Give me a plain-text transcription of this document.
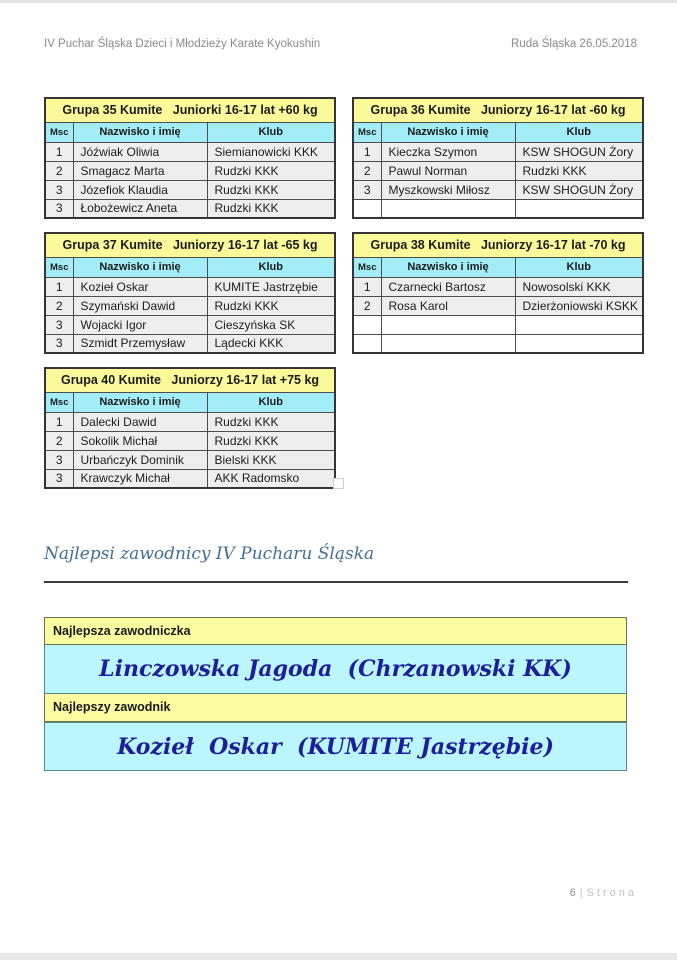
IV Puchar Śląska Dzieci i Młodzieży Karate Kyokushin	Ruda Śląska 26.05.2018
Grupa 35 Kumite   Juniorki 16-17 lat +60 kg		
Msc	Nazwisko i imię	Klub
1	Jóźwiak Oliwia	Siemianowicki KKK
2	Smagacz Marta	Rudzki KKK
3	Józefiok Klaudia	Rudzki KKK
3	Łobożewicz Aneta	Rudzki KKK
Grupa 36 Kumite   Juniorzy 16-17 lat -60 kg		
Msc	Nazwisko i imię	Klub
1	Kieczka Szymon	KSW SHOGUN Żory
2	Pawul Norman	Rudzki KKK
3	Myszkowski Miłosz	KSW SHOGUN Żory

Grupa 37 Kumite   Juniorzy 16-17 lat -65 kg		
Msc	Nazwisko i imię	Klub
1	Kozieł Oskar	KUMITE Jastrzębie
2	Szymański Dawid	Rudzki KKK
3	Wojacki Igor	Cieszyńska SK
3	Szmidt Przemysław	Lądecki KKK
Grupa 38 Kumite   Juniorzy 16-17 lat -70 kg		
Msc	Nazwisko i imię	Klub
1	Czarnecki Bartosz	Nowosolski KKK
2	Rosa Karol	Dzierżoniowski KSKK

Grupa 40 Kumite   Juniorzy 16-17 lat +75 kg		
Msc	Nazwisko i imię	Klub
1	Dalecki Dawid	Rudzki KKK
2	Sokolik Michał	Rudzki KKK
3	Urbańczyk Dominik	Bielski KKK
3	Krawczyk Michał	AKK Radomsko
Najlepsi zawodnicy IV Pucharu Śląska
Najlepsza zawodniczka
Linczowska Jagoda  (Chrzanowski KK)
Najlepszy zawodnik
Kozieł  Oskar  (KUMITE Jastrzębie)
6 | Strona
